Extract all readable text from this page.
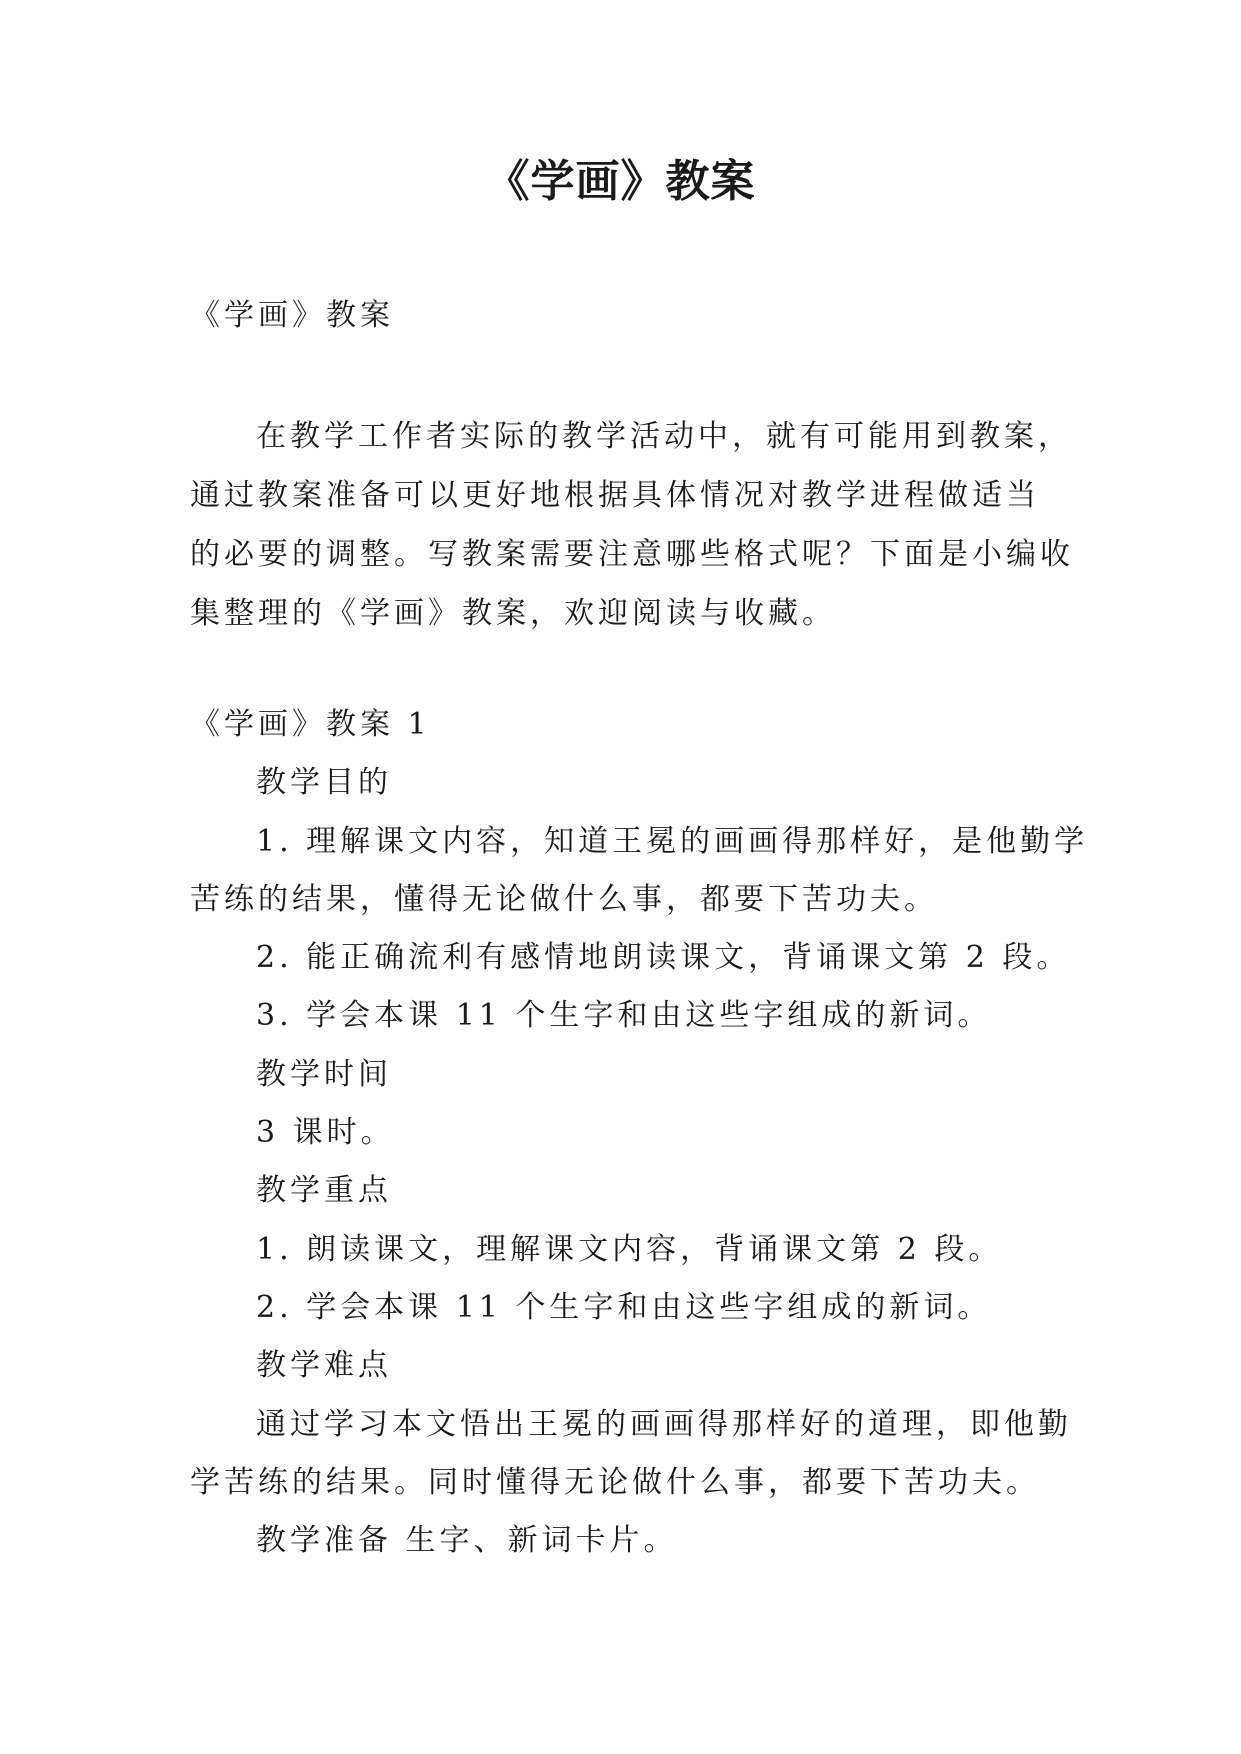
《学画》教案

《学画》教案

在教学工作者实际的教学活动中，就有可能用到教案，
通过教案准备可以更好地根据具体情况对教学进程做适当
的必要的调整。写教案需要注意哪些格式呢？下面是小编收
集整理的《学画》教案，欢迎阅读与收藏。
《学画》教案 1
教学目的
1. 理解课文内容，知道王冕的画画得那样好，是他勤学
苦练的结果，懂得无论做什么事，都要下苦功夫。
2. 能正确流利有感情地朗读课文，背诵课文第 2 段。
3. 学会本课 11 个生字和由这些字组成的新词。
教学时间
3 课时。
教学重点
1. 朗读课文，理解课文内容，背诵课文第 2 段。
2. 学会本课 11 个生字和由这些字组成的新词。
教学难点
通过学习本文悟出王冕的画画得那样好的道理，即他勤
学苦练的结果。同时懂得无论做什么事，都要下苦功夫。
教学准备 生字、新词卡片。
